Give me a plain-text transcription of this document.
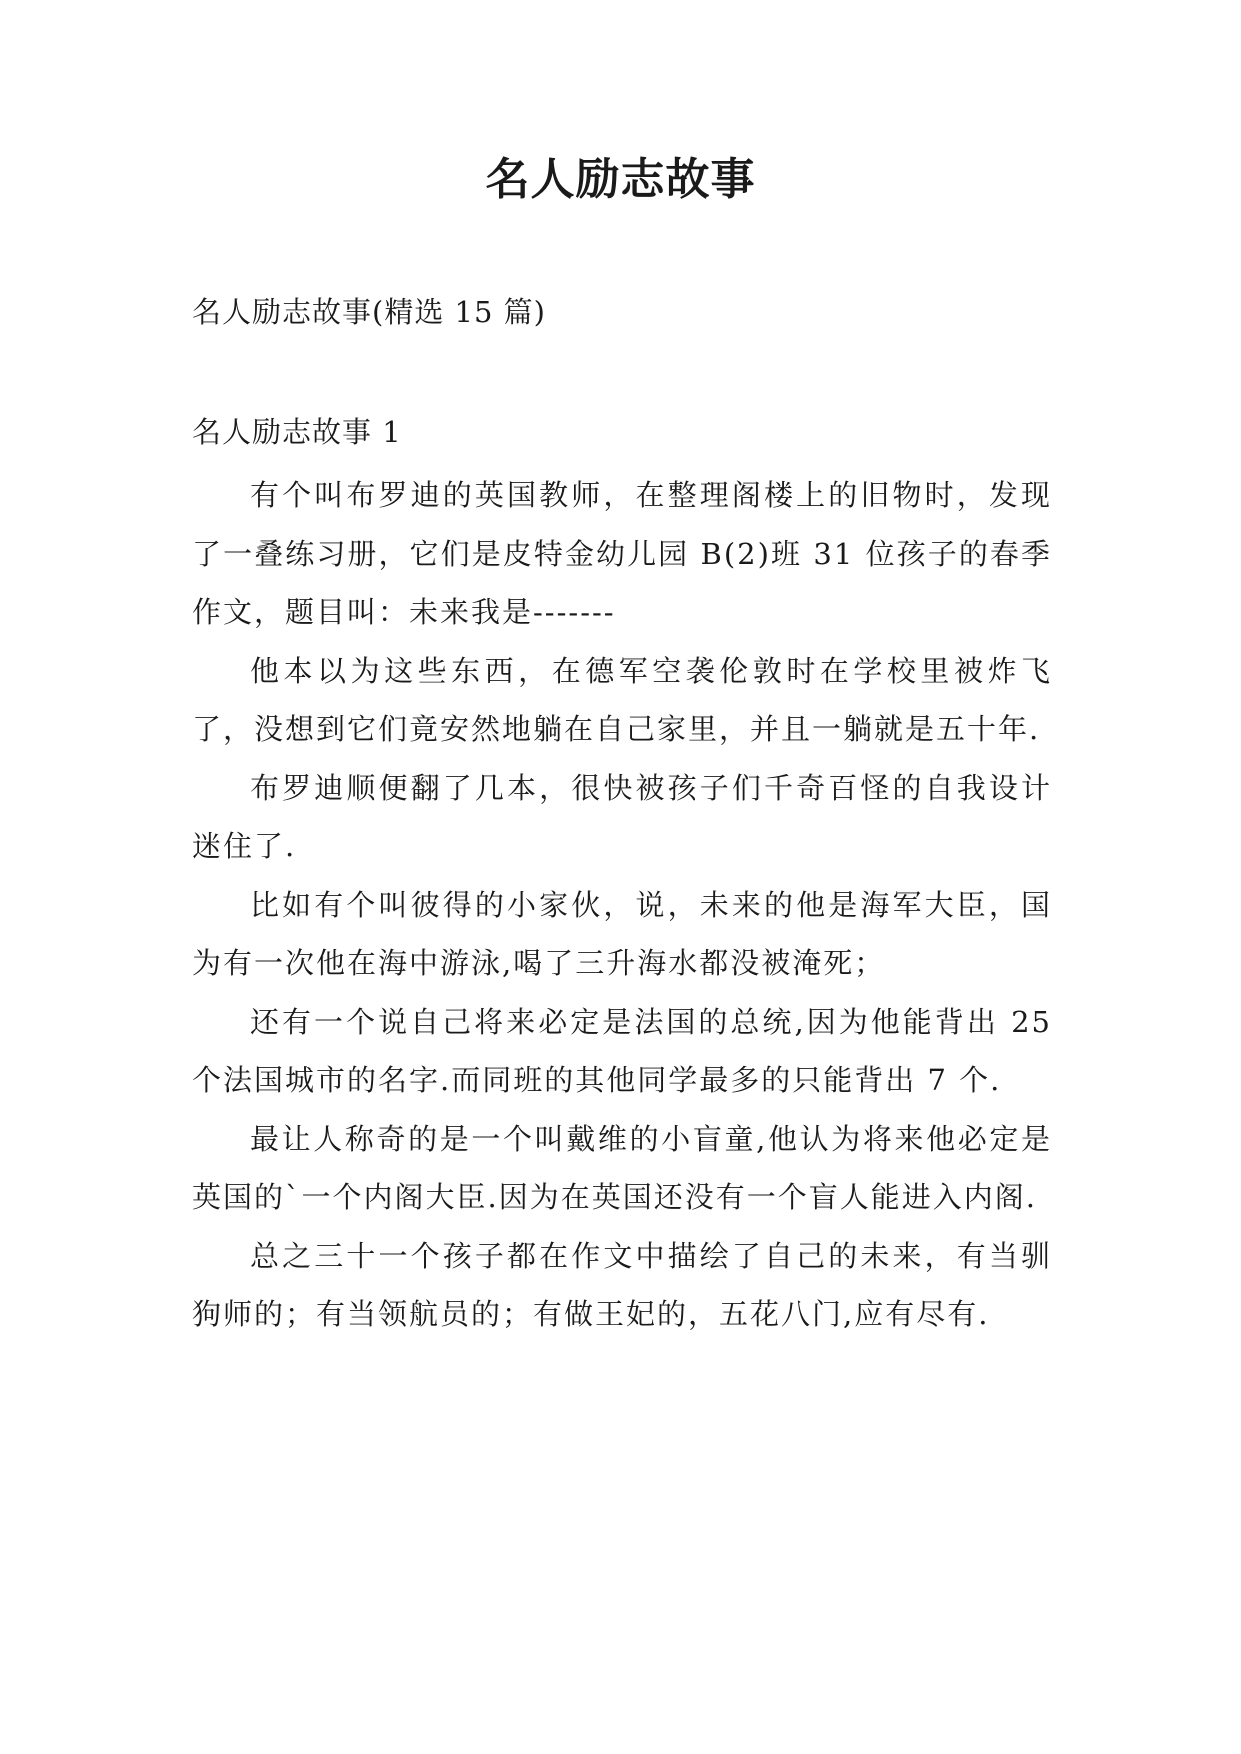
名人励志故事
名人励志故事(精选 15 篇)
名人励志故事 1

有个叫布罗迪的英国教师，在整理阁楼上的旧物时，发现了一叠练习册，它们是皮特金幼儿园 B(2)班 31 位孩子的春季作文，题目叫：未来我是-------

他本以为这些东西，在德军空袭伦敦时在学校里被炸飞了，没想到它们竟安然地躺在自己家里，并且一躺就是五十年.

布罗迪顺便翻了几本，很快被孩子们千奇百怪的自我设计迷住了.

比如有个叫彼得的小家伙，说，未来的他是海军大臣，国为有一次他在海中游泳,喝了三升海水都没被淹死；

还有一个说自己将来必定是法国的总统,因为他能背出 25 个法国城市的名字.而同班的其他同学最多的只能背出 7 个.

最让人称奇的是一个叫戴维的小盲童,他认为将来他必定是英国的`一个内阁大臣.因为在英国还没有一个盲人能进入内阁.

总之三十一个孩子都在作文中描绘了自己的未来，有当驯狗师的；有当领航员的；有做王妃的，五花八门,应有尽有.
